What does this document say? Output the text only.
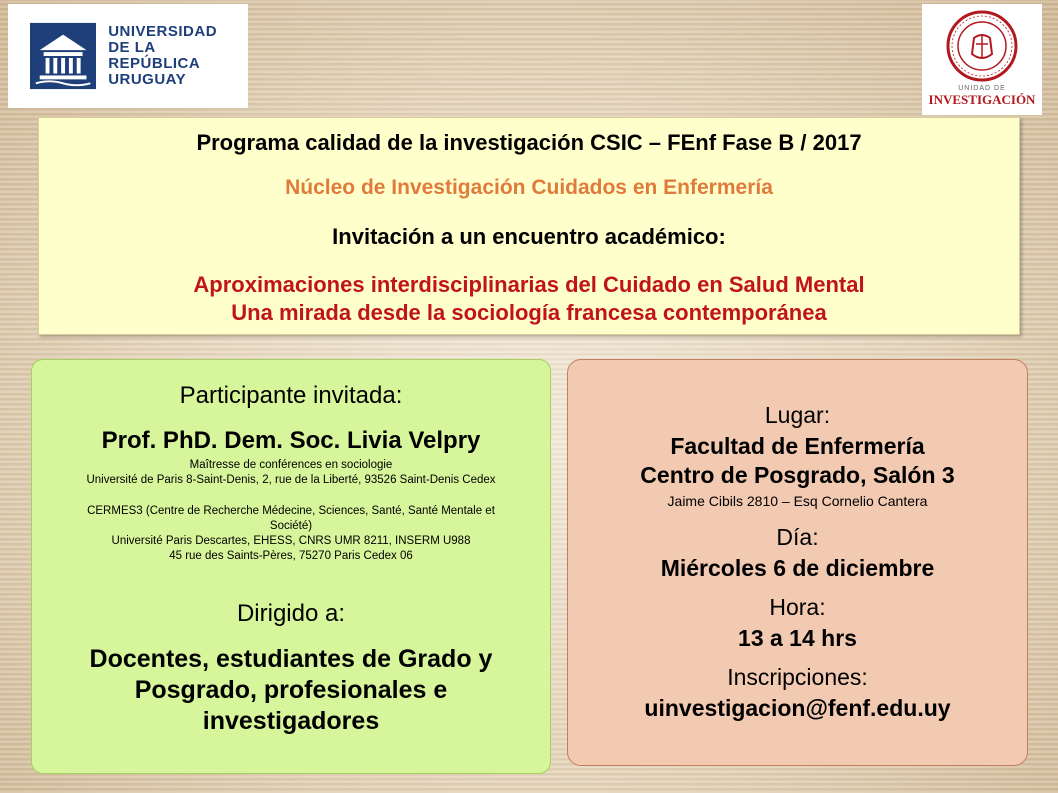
UNIVERSIDAD
DE LA REPÚBLICA
URUGUAY
UNIDAD DE
INVESTIGACIÓN
Programa calidad de la investigación CSIC – FEnf Fase B / 2017
Núcleo de Investigación Cuidados en Enfermería
Invitación a un encuentro académico:
Aproximaciones interdisciplinarias del Cuidado en Salud Mental
Una mirada desde la sociología francesa contemporánea
Participante invitada:
Prof. PhD. Dem. Soc. Livia Velpry
Maîtresse de conférences en sociologie
Université de Paris 8-Saint-Denis, 2, rue de la Liberté, 93526 Saint-Denis Cedex
CERMES3 (Centre de Recherche Médecine, Sciences, Santé, Santé Mentale et
Société)
Université Paris Descartes, EHESS, CNRS UMR 8211, INSERM U988
45 rue des Saints-Pères, 75270 Paris Cedex 06
Dirigido a:
Docentes, estudiantes de Grado y
Posgrado, profesionales e
investigadores
Lugar:
Facultad de Enfermería
Centro de Posgrado, Salón 3
Jaime Cibils 2810 – Esq Cornelio Cantera
Día:
Miércoles 6 de diciembre
Hora:
13 a 14 hrs
Inscripciones:
uinvestigacion@fenf.edu.uy
